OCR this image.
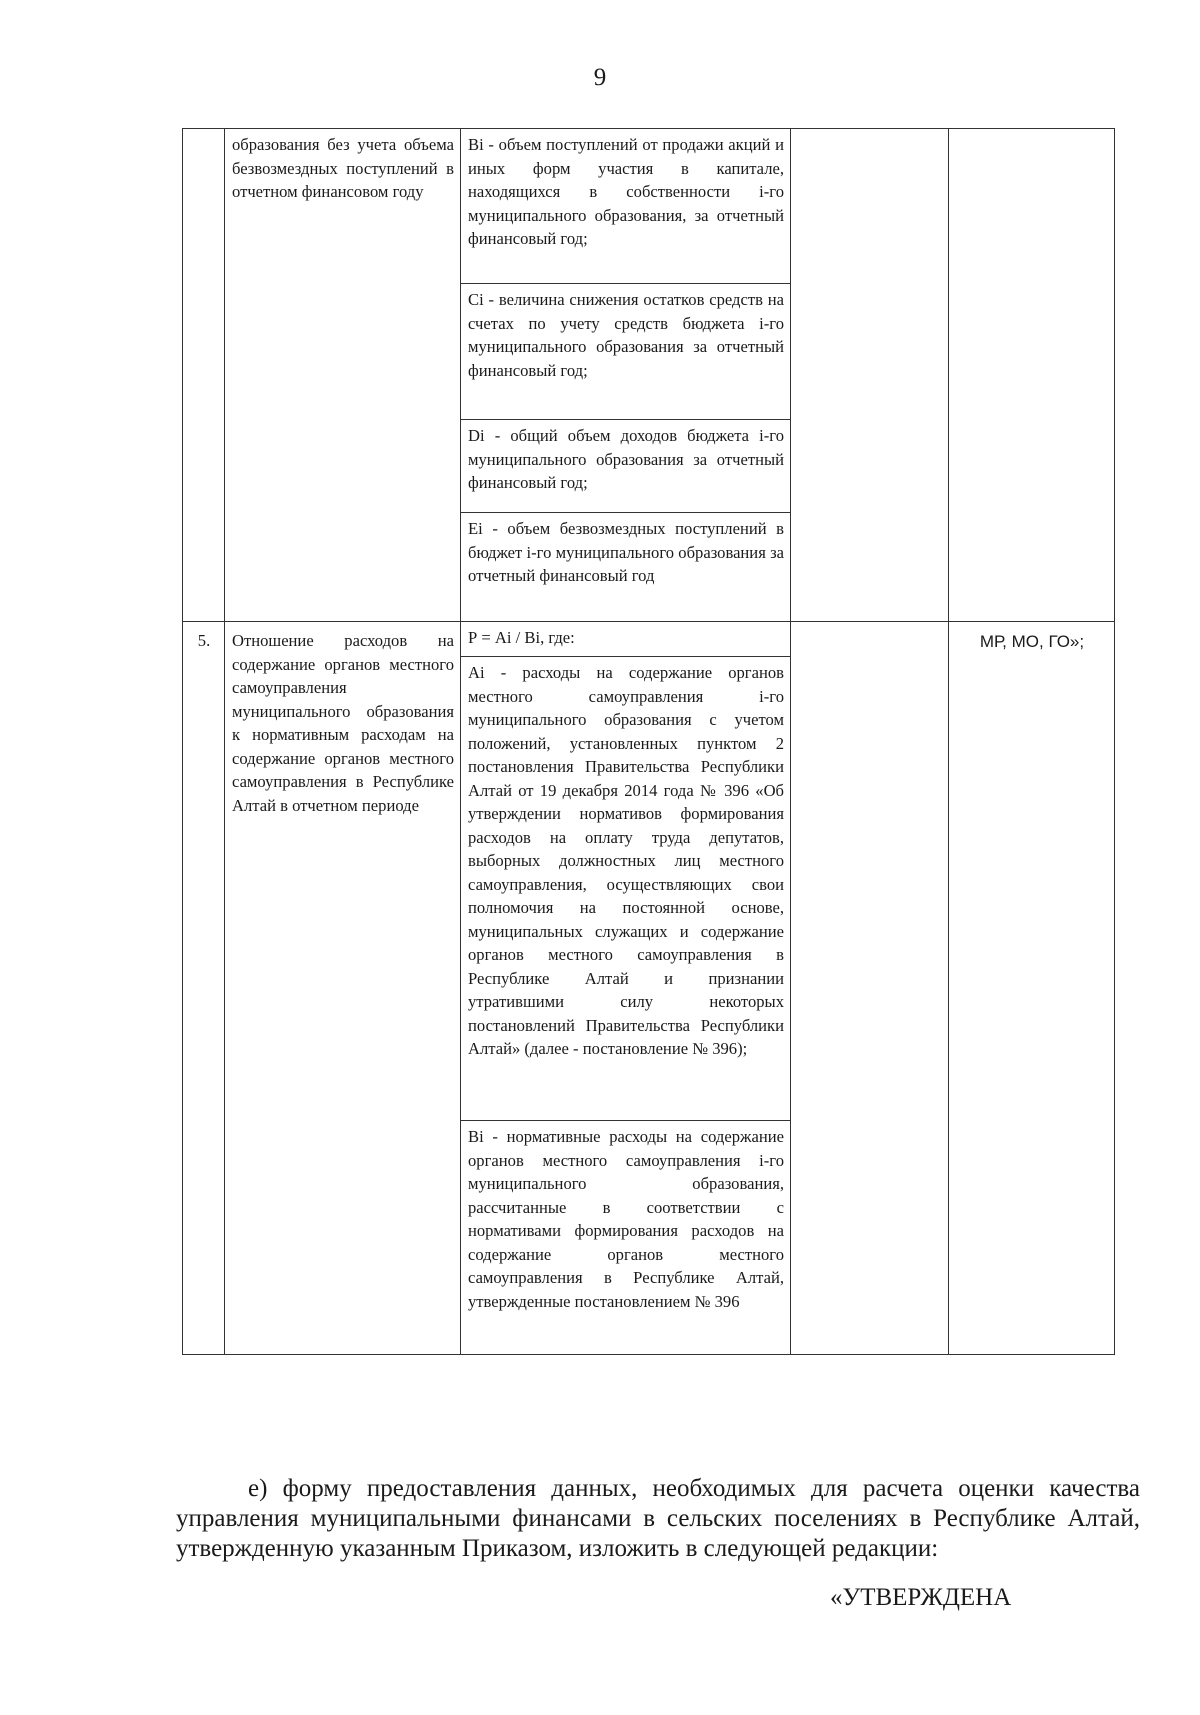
9
	образования без учета объема безвозмездных поступлений в отчетном финансовом году	Вi - объем поступлений от продажи акций и иных форм участия в капитале, находящихся в собственности i-го муниципального образования, за отчетный финансовый год;		
		Сi - величина снижения остатков средств на счетах по учету средств бюджета i-го муниципального образования за отчетный финансовый год;		
		Di - общий объем доходов бюджета i-го муниципального образования за отчетный финансовый год;		
		Еi - объем безвозмездных поступлений в бюджет i-го муниципального образования за отчетный финансовый год		
5.	Отношение расходов на содержание органов местного самоуправления муниципального образования к нормативным расходам на содержание органов местного самоуправления в Республике Алтай в отчетном периоде	Р = Аi / Вi, где:		МР, МО, ГО»;
		Аi - расходы на содержание органов местного самоуправления i-го муниципального образования с учетом положений, установленных пунктом 2 постановления Правительства Республики Алтай от 19 декабря 2014 года № 396 «Об утверждении нормативов формирования расходов на оплату труда депутатов, выборных должностных лиц местного самоуправления, осуществляющих свои полномочия на постоянной основе, муниципальных служащих и содержание органов местного самоуправления в Республике Алтай и признании утратившими силу некоторых постановлений Правительства Республики Алтай» (далее - постановление № 396);		
		Вi - нормативные расходы на содержание органов местного самоуправления i-го муниципального образования, рассчитанные в соответствии с нормативами формирования расходов на содержание органов местного самоуправления в Республике Алтай, утвержденные постановлением № 396		
е) форму предоставления данных, необходимых для расчета оценки качества управления муниципальными финансами в сельских поселениях в Республике Алтай, утвержденную указанным Приказом, изложить в следующей редакции:
«УТВЕРЖДЕНА
